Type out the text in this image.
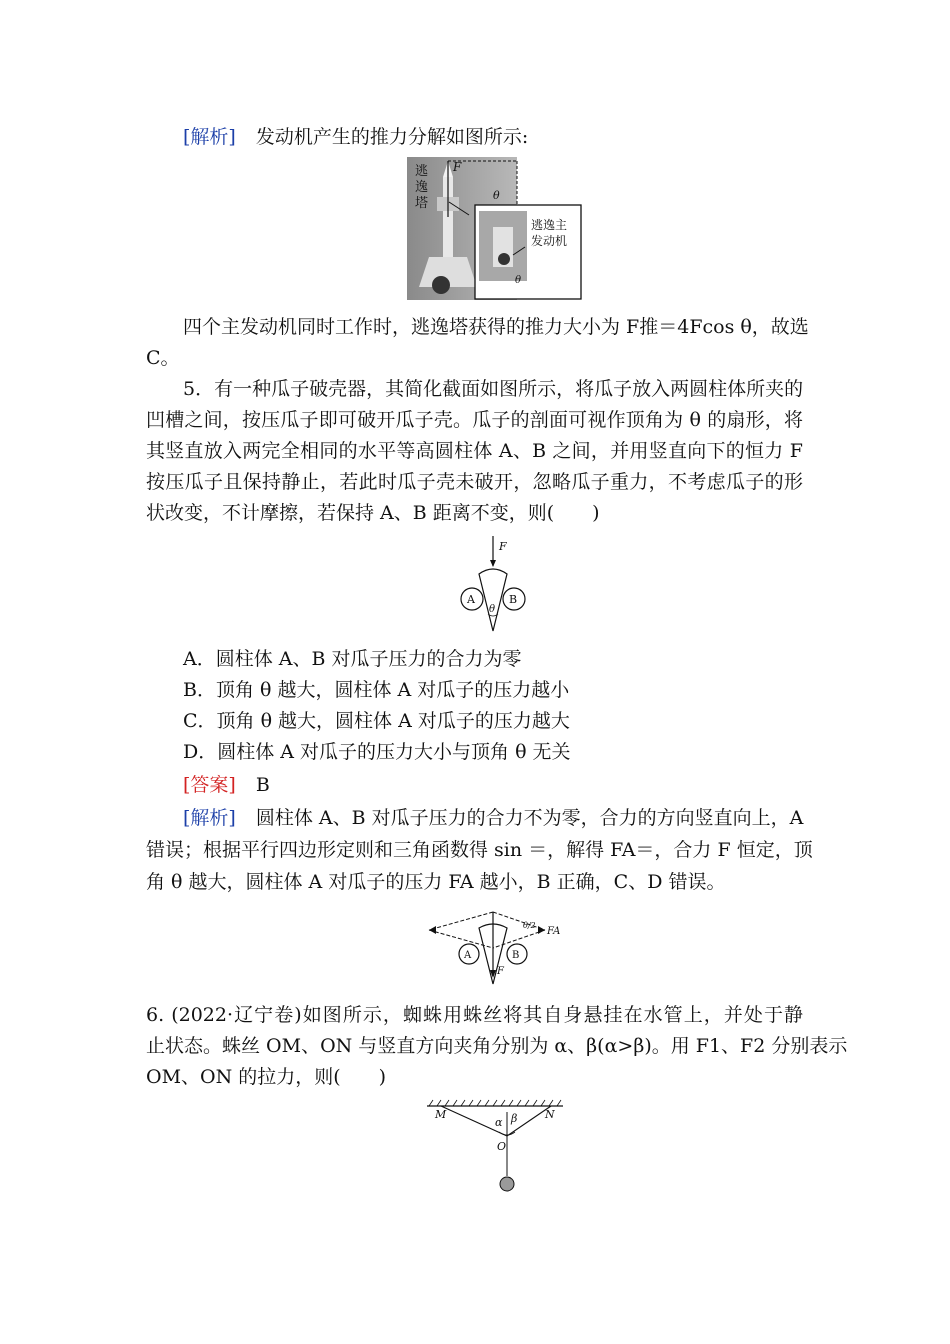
[解析] 发动机产生的推力分解如图所示:
逃
逸
塔
F
θ
逃逸主
发动机
θ
四个主发动机同时工作时，逃逸塔获得的推力大小为 F推＝4Fcos θ，故选
C。
5．有一种瓜子破壳器，其简化截面如图所示，将瓜子放入两圆柱体所夹的
凹槽之间，按压瓜子即可破开瓜子壳。瓜子的剖面可视作顶角为 θ 的扇形，将
其竖直放入两完全相同的水平等高圆柱体 A、B 之间，并用竖直向下的恒力 F
按压瓜子且保持静止，若此时瓜子壳未破开，忽略瓜子重力，不考虑瓜子的形
状改变，不计摩擦，若保持 A、B 距离不变，则(　　)
F
A	B
θ
A．圆柱体 A、B 对瓜子压力的合力为零
B．顶角 θ 越大，圆柱体 A 对瓜子的压力越小
C．顶角 θ 越大，圆柱体 A 对瓜子的压力越大
D．圆柱体 A 对瓜子的压力大小与顶角 θ 无关
[答案] B
[解析] 圆柱体 A、B 对瓜子压力的合力不为零，合力的方向竖直向上，A
错误；根据平行四边形定则和三角函数得 sin ＝，解得 FA＝，合力 F 恒定，顶
角 θ 越大，圆柱体 A 对瓜子的压力 FA 越小，B 正确，C、D 错误。
A	B
FA
F
θ/2
6. (2022·辽宁卷)如图所示，蜘蛛用蛛丝将其自身悬挂在水管上，并处于静
止状态。蛛丝 OM、ON 与竖直方向夹角分别为 α、β(α>β)。用 F1、F2 分别表示
OM、ON 的拉力，则(　　)
M	N
O
α β
